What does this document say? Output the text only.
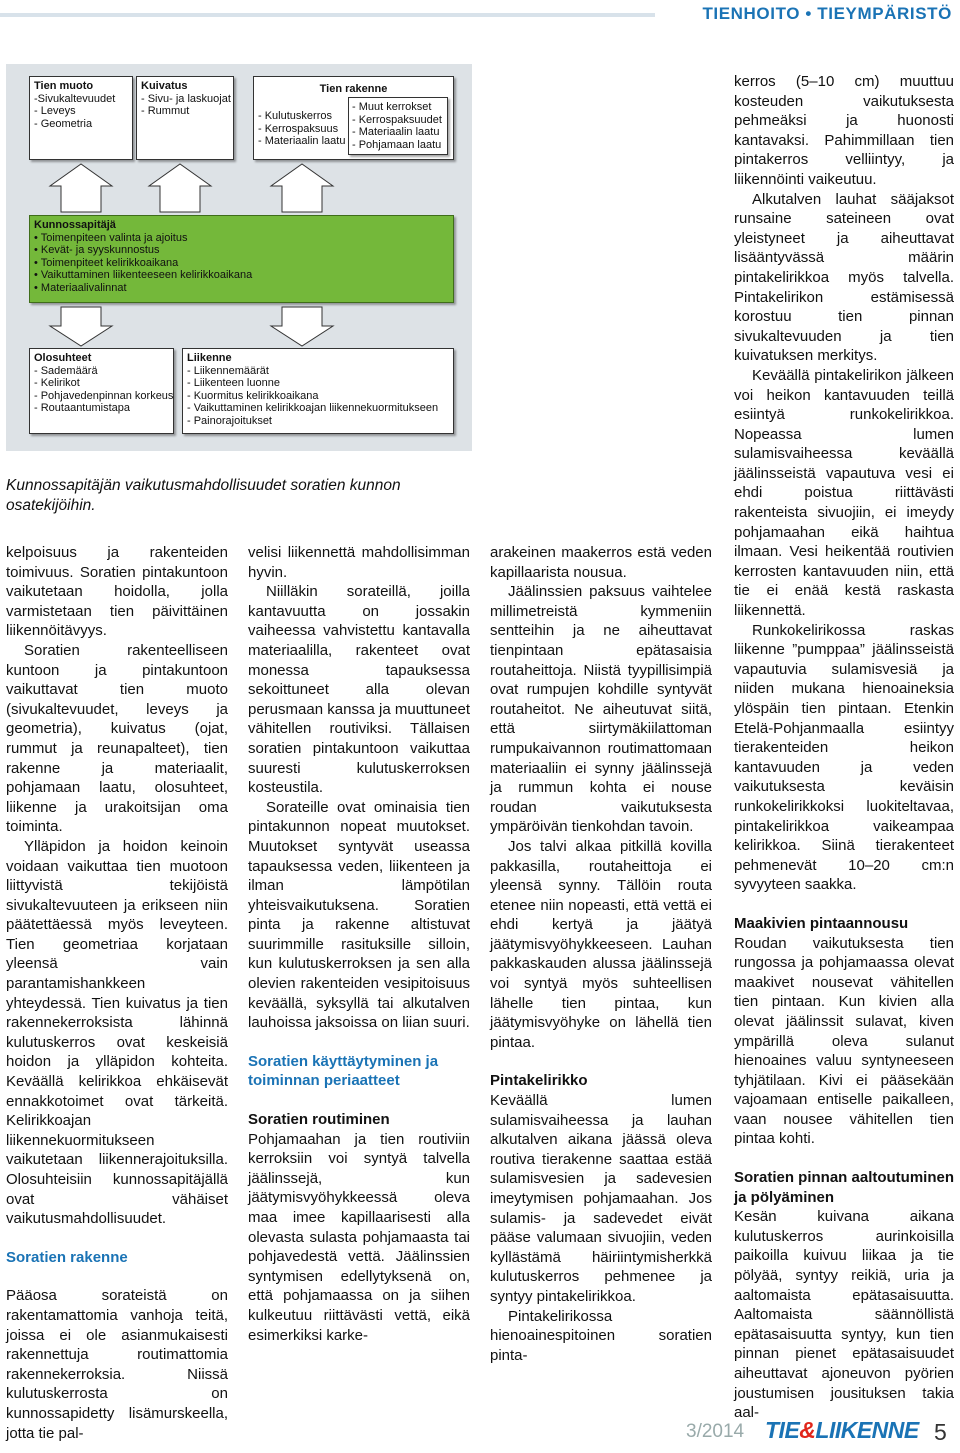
TIENHOITO • TIEYMPÄRISTÖ
Tien muoto
-Sivukaltevuudet
- Leveys
- Geometria
Kuivatus
- Sivu- ja laskuojat
- Rummut
Tien rakenne
- Kulutuskerros
- Kerrospaksuus
- Materiaalin laatu
- Muut kerrokset
- Kerrospaksuudet
- Materiaalin laatu
- Pohjamaan laatu
Kunnossapitäjä
• Toimenpiteen valinta ja ajoitus
• Kevät- ja syyskunnostus
• Toimenpiteet kelirikkoaikana
• Vaikuttaminen liikenteeseen kelirikkoaikana
• Materiaalivalinnat
Olosuhteet
- Sademäärä
- Kelirikot
- Pohjavedenpinnan korkeus
- Routaantumistapa
Liikenne
- Liikennemäärät
- Liikenteen luonne
- Kuormitus kelirikkoaikana
- Vaikuttaminen kelirikkoajan liikennekuormitukseen
- Painorajoitukset
Kunnossapitäjän vaikutusmahdollisuudet soratien kunnon osatekijöihin.

kelpoisuus ja rakenteiden toimivuus. Soratien pintakuntoon vaikutetaan hoidolla, jolla varmistetaan tien päivittäinen liikennöitävyys.

Soratien rakenteelliseen kuntoon ja pintakuntoon vaikuttavat tien muoto (sivukaltevuudet, leveys ja geometria), kuivatus (ojat, rummut ja reunapalteet), tien rakenne ja materiaalit, pohjamaan laatu, olosuhteet, liikenne ja urakoitsijan oma toiminta.

Ylläpidon ja hoidon keinoin voidaan vaikuttaa tien muotoon liittyvistä tekijöistä sivukaltevuuteen ja erikseen niin päätettäessä myös leveyteen. Tien geometriaa korjataan yleensä vain parantamishankkeen yhteydessä. Tien kuivatus ja tien rakennekerroksista lähinnä kulutuskerros ovat keskeisiä hoidon ja ylläpidon kohteita. Keväällä kelirikkoa ehkäisevät ennakkotoimet ovat tärkeitä. Kelirikkoajan liikennekuormitukseen vaikutetaan liikennerajoituksilla. Olosuhteisiin kunnossapitäjällä ovat vähäiset vaikutusmahdollisuudet.

Soratien rakenne

Pääosa sorateistä on rakentamattomia vanhoja teitä, joissa ei ole asianmukaisesti rakennettuja routimattomia rakennekerroksia. Niissä kulutuskerrosta on kunnossapidetty lisämurskeella, jotta tie pal-

velisi liikennettä mahdollisimman hyvin.

Niilläkin sorateillä, joilla kantavuutta on jossakin vaiheessa vahvistettu kantavalla materiaalilla, rakenteet ovat monessa tapauksessa sekoittuneet alla olevan perusmaan kanssa ja muuttuneet vähitellen routiviksi. Tällaisen soratien pintakuntoon vaikuttaa suuresti kulutuskerroksen kosteustila.

Sorateille ovat ominaisia tien pintakunnon nopeat muutokset. Muutokset syntyvät useassa tapauksessa veden, liikenteen ja ilman lämpötilan yhteisvaikutuksena. Soratien pinta ja rakenne altistuvat suurimmille rasituksille silloin, kun kulutuskerroksen ja sen alla olevien rakenteiden vesipitoisuus keväällä, syksyllä tai alkutalven lauhoissa jaksoissa on liian suuri.

Soratien käyttäytyminen ja toiminnan periaatteet
Soratien routiminen

Pohjamaahan ja tien routiviin kerroksiin voi syntyä talvella jäälinssejä, kun jäätymisvyöhykkeessä oleva maa imee kapillaarisesti alla olevasta sulasta pohjamaasta tai pohjavedestä vettä. Jäälinssien syntymisen edellytyksenä on, että pohjamaassa on ja siihen kulkeutuu riittävästi vettä, eikä esimerkiksi karke-

arakeinen maakerros estä veden kapillaarista nousua.

Jäälinssien paksuus vaihtelee millimetreistä kymmeniin sentteihin ja ne aiheuttavat tienpintaan epätasaisia routaheittoja. Niistä tyypillisimpiä ovat rumpujen kohdille syntyvät routaheitot. Ne aiheutuvat siitä, että siirtymäkiilattoman rumpukaivannon routimattomaan materiaaliin ei synny jäälinssejä ja rummun kohta ei nouse roudan vaikutuksesta ympäröivän tienkohdan tavoin.

Jos talvi alkaa pitkillä kovilla pakkasilla, routaheittoja ei yleensä synny. Tällöin routa etenee niin nopeasti, että vettä ei ehdi kertyä ja jäätyä jäätymisvyöhykkeeseen. Lauhan pakkaskauden alussa jäälinssejä voi syntyä myös suhteellisen lähelle tien pintaa, kun jäätymisvyöhyke on lähellä tien pintaa.

Pintakelirikko

Keväällä lumen sulamisvaiheessa ja lauhan alkutalven aikana jäässä oleva routiva tierakenne saattaa estää sulamisvesien ja sadevesien imeytymisen pohjamaahan. Jos sulamis- ja sadevedet eivät pääse valumaan sivuojiin, veden kyllästämä häiriintymisherkkä kulutuskerros pehmenee ja syntyy pintakelirikkoa.

Pintakelirikossa hienoainespitoinen soratien pinta-

kerros (5–10 cm) muuttuu kosteuden vaikutuksesta pehmeäksi ja huonosti kantavaksi. Pahimmillaan tien pintakerros velliintyy, ja liikennöinti vaikeutuu.

Alkutalven lauhat sääjaksot runsaine sateineen ovat yleistyneet ja aiheuttavat lisääntyvässä määrin pintakelirikkoa myös talvella. Pintakelirikon estämisessä korostuu tien pinnan sivukaltevuuden ja tien kuivatuksen merkitys.

Keväällä pintakelirikon jälkeen voi heikon kantavuuden teillä esiintyä runkokelirikkoa. Nopeassa lumen sulamisvaiheessa keväällä jäälinsseistä vapautuva vesi ei ehdi poistua riittävästi rakenteista sivuojiin, ei imeydy pohjamaahan eikä haihtua ilmaan. Vesi heikentää routivien kerrosten kantavuuden niin, että tie ei enää kestä raskasta liikennettä.

Runkokelirikossa raskas liikenne ”pumppaa” jäälinsseistä vapautuvia sulamisvesiä ja niiden mukana hienoaineksia ylöspäin tien pintaan. Etenkin Etelä-Pohjanmaalla esiintyy tierakenteiden heikon kantavuuden ja veden vaikutuksesta keväisin runkokelirikkoksi luokiteltavaa, pintakelirikkoa vaikeampaa kelirikkoa. Siinä tierakenteet pehmenevät 10–20 cm:n syvyyteen saakka.

Maakivien pintaannousu

Roudan vaikutuksesta tien rungossa ja pohjamaassa olevat maakivet nousevat vähitellen tien pintaan. Kun kivien alla olevat jäälinssit sulavat, kiven ympärillä oleva sulanut hienoaines valuu syntyneeseen tyhjätilaan. Kivi ei pääsekään vajoamaan entiselle paikalleen, vaan nousee vähitellen tien pintaa kohti.

Soratien pinnan aaltoutuminen ja pölyäminen

Kesän kuivana aikana kulutuskerros aurinkoisilla paikoilla kuivuu liikaa ja tie pölyää, syntyy reikiä, uria ja aaltomaista epätasaisuutta. Aaltomaista säännöllistä epätasaisuutta syntyy, kun tien pinnan pienet epätasaisuudet aiheuttavat ajoneuvon pyörien joustumisen jousituksen takia aal-

3/2014 TIE&LIIKENNE 5
